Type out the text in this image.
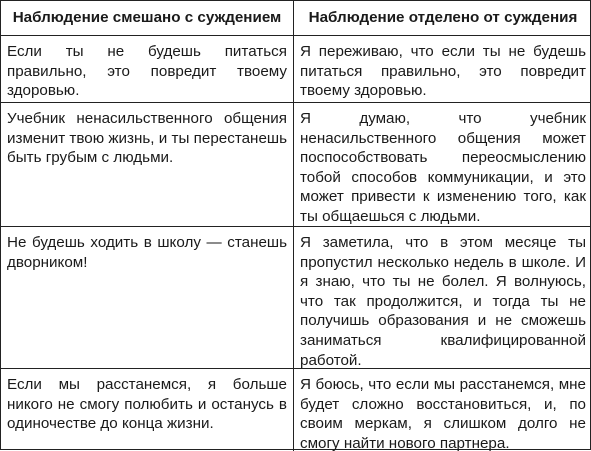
Наблюдение смешано с суждением	Наблюдение отделено от суждения
Если ты не будешь питаться правильно, это повредит твоему здоровью.
Я переживаю, что если ты не будешь питаться правильно, это повредит твоему здоровью.
Учебник ненасильственного общения изменит твою жизнь, и ты перестанешь быть грубым с людьми.
Я думаю, что учебник ненасильственного общения может поспособствовать переосмыслению тобой способов коммуникации, и это может привести к изменению того, как ты общаешься с людьми.
Не будешь ходить в школу — станешь дворником!
Я заметила, что в этом месяце ты пропустил несколько недель в школе. И я знаю, что ты не болел. Я волнуюсь, что так продолжится, и тогда ты не получишь образования и не сможешь заниматься квалифицированной работой.
Если мы расстанемся, я больше никого не смогу полюбить и останусь в одиночестве до конца жизни.
Я боюсь, что если мы расстанемся, мне будет сложно восстановиться, и, по своим меркам, я слишком долго не смогу найти нового партнера.
